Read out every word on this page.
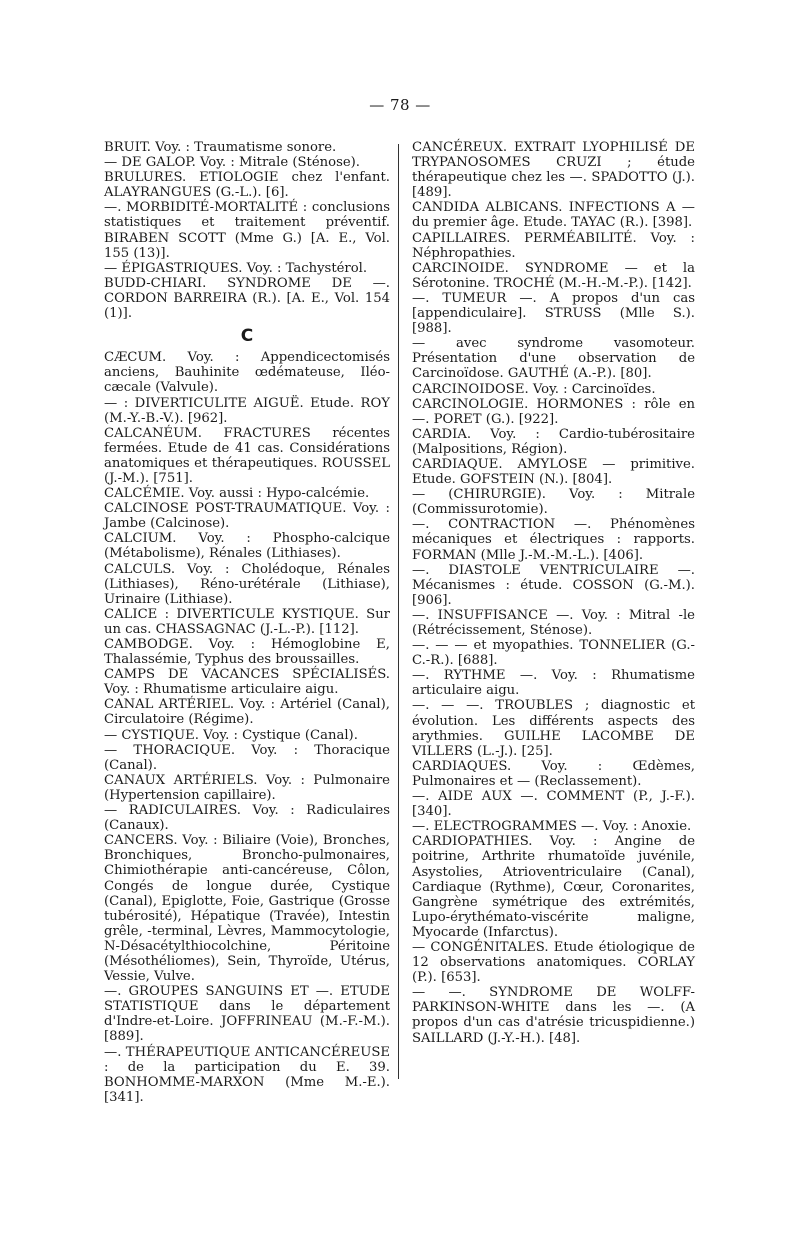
— 78 —

BRUIT. Voy. : Traumatisme sonore.

— DE GALOP. Voy. : Mitrale (Sténose).

BRULURES. ETIOLOGIE chez l'enfant. ALAYRANGUES (G.-L.). [6].

—. MORBIDITÉ-MORTALITÉ : conclusions statistiques et traitement préventif. BIRABEN SCOTT (Mme G.) [A. E., Vol. 155 (13)].

— ÉPIGASTRIQUES. Voy. : Tachystérol.

BUDD-CHIARI. SYNDROME DE —. CORDON BARREIRA (R.). [A. E., Vol. 154 (1)].

C

CÆCUM. Voy. : Appendicectomisés anciens, Bauhinite œdémateuse, Iléo-cæcale (Valvule).

— : DIVERTICULITE AIGUË. Etude. ROY (M.-Y.-B.-V.). [962].

CALCANÉUM. FRACTURES récentes fermées. Etude de 41 cas. Considérations anatomiques et thérapeutiques. ROUSSEL (J.-M.). [751].

CALCÉMIE. Voy. aussi : Hypo-calcémie.

CALCINOSE POST-TRAUMATIQUE. Voy. : Jambe (Calcinose).

CALCIUM. Voy. : Phospho-calcique (Métabolisme), Rénales (Lithiases).

CALCULS. Voy. : Cholédoque, Rénales (Lithiases), Réno-urétérale (Lithiase), Urinaire (Lithiase).

CALICE : DIVERTICULE KYSTIQUE. Sur un cas. CHASSAGNAC (J.-L.-P.). [112].

CAMBODGE. Voy. : Hémoglobine E, Thalassémie, Typhus des broussailles.

CAMPS DE VACANCES SPÉCIALISÉS. Voy. : Rhumatisme articulaire aigu.

CANAL ARTÉRIEL. Voy. : Artériel (Canal), Circulatoire (Régime).

— CYSTIQUE. Voy. : Cystique (Canal).

— THORACIQUE. Voy. : Thoracique (Canal).

CANAUX ARTÉRIELS. Voy. : Pulmonaire (Hypertension capillaire).

— RADICULAIRES. Voy. : Radiculaires (Canaux).

CANCERS. Voy. : Biliaire (Voie), Bronches, Bronchiques, Broncho-pulmonaires, Chimiothérapie anti-cancéreuse, Côlon, Congés de longue durée, Cystique (Canal), Epiglotte, Foie, Gastrique (Grosse tubérosité), Hépatique (Travée), Intestin grêle, -terminal, Lèvres, Mammocytologie, N-Désacétylthiocolchine, Péritoine (Mésothéliomes), Sein, Thyroïde, Utérus, Vessie, Vulve.

—. GROUPES SANGUINS ET —. ETUDE STATISTIQUE dans le département d'Indre-et-Loire. JOFFRINEAU (M.-F.-M.). [889].

—. THÉRAPEUTIQUE ANTICANCÉREUSE : de la participation du E. 39. BONHOMME-MARXON (Mme M.-E.). [341].

CANCÉREUX. EXTRAIT LYOPHILISÉ DE TRYPANOSOMES CRUZI ; étude thérapeutique chez les —. SPADOTTO (J.). [489].

CANDIDA ALBICANS. INFECTIONS A — du premier âge. Etude. TAYAC (R.). [398].

CAPILLAIRES. PERMÉABILITÉ. Voy. : Néphropathies.

CARCINOIDE. SYNDROME — et la Sérotonine. TROCHÉ (M.-H.-M.-P.). [142].

—. TUMEUR —. A propos d'un cas [appendiculaire]. STRUSS (Mlle S.). [988].

— avec syndrome vasomoteur. Présentation d'une observation de Carcinoïdose. GAUTHÉ (A.-P.). [80].

CARCINOIDOSE. Voy. : Carcinoïdes.

CARCINOLOGIE. HORMONES : rôle en —. PORET (G.). [922].

CARDIA. Voy. : Cardio-tubérositaire (Malpositions, Région).

CARDIAQUE. AMYLOSE — primitive. Etude. GOFSTEIN (N.). [804].

— (CHIRURGIE). Voy. : Mitrale (Commissurotomie).

—. CONTRACTION —. Phénomènes mécaniques et électriques : rapports. FORMAN (Mlle J.-M.-M.-L.). [406].

—. DIASTOLE VENTRICULAIRE —. Mécanismes : étude. COSSON (G.-M.). [906].

—. INSUFFISANCE —. Voy. : Mitral -le (Rétrécissement, Sténose).

—. — — et myopathies. TONNELIER (G.-C.-R.). [688].

—. RYTHME —. Voy. : Rhumatisme articulaire aigu.

—. — —. TROUBLES ; diagnostic et évolution. Les différents aspects des arythmies. GUILHE LACOMBE DE VILLERS (L.-J.). [25].

CARDIAQUES. Voy. : Œdèmes, Pulmonaires et — (Reclassement).

—. AIDE AUX —. COMMENT (P., J.-F.). [340].

—. ELECTROGRAMMES —. Voy. : Anoxie.

CARDIOPATHIES. Voy. : Angine de poitrine, Arthrite rhumatoïde juvénile, Asystolies, Atrioventriculaire (Canal), Cardiaque (Rythme), Cœur, Coronarites, Gangrène symétrique des extrémités, Lupo-érythémato-viscérite maligne, Myocarde (Infarctus).

— CONGÉNITALES. Etude étiologique de 12 observations anatomiques. CORLAY (P.). [653].

— —. SYNDROME DE WOLFF-PARKINSON-WHITE dans les —. (A propos d'un cas d'atrésie tricuspidienne.) SAILLARD (J.-Y.-H.). [48].
